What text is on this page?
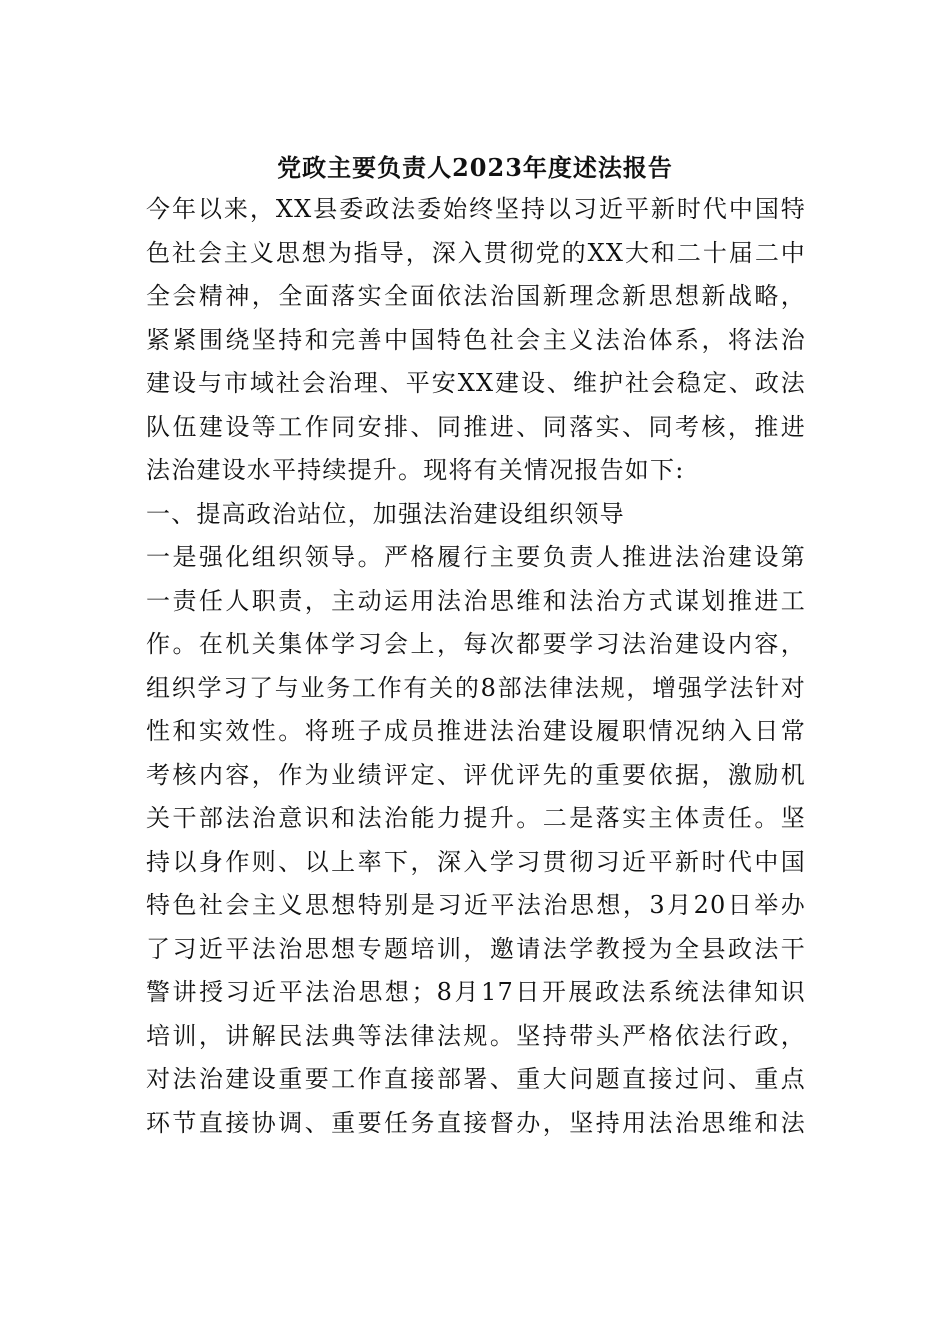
党政主要负责人2023年度述法报告
今年以来，XX县委政法委始终坚持以习近平新时代中国特
色社会主义思想为指导，深入贯彻党的XX大和二十届二中
全会精神，全面落实全面依法治国新理念新思想新战略，
紧紧围绕坚持和完善中国特色社会主义法治体系，将法治
建设与市域社会治理、平安XX建设、维护社会稳定、政法
队伍建设等工作同安排、同推进、同落实、同考核，推进
法治建设水平持续提升。现将有关情况报告如下:
一、提高政治站位，加强法治建设组织领导
一是强化组织领导。严格履行主要负责人推进法治建设第
一责任人职责，主动运用法治思维和法治方式谋划推进工
作。在机关集体学习会上，每次都要学习法治建设内容，
组织学习了与业务工作有关的8部法律法规，增强学法针对
性和实效性。将班子成员推进法治建设履职情况纳入日常
考核内容，作为业绩评定、评优评先的重要依据，激励机
关干部法治意识和法治能力提升。二是落实主体责任。坚
持以身作则、以上率下，深入学习贯彻习近平新时代中国
特色社会主义思想特别是习近平法治思想，3月20日举办
了习近平法治思想专题培训，邀请法学教授为全县政法干
警讲授习近平法治思想；8月17日开展政法系统法律知识
培训，讲解民法典等法律法规。坚持带头严格依法行政，
对法治建设重要工作直接部署、重大问题直接过问、重点
环节直接协调、重要任务直接督办，坚持用法治思维和法
